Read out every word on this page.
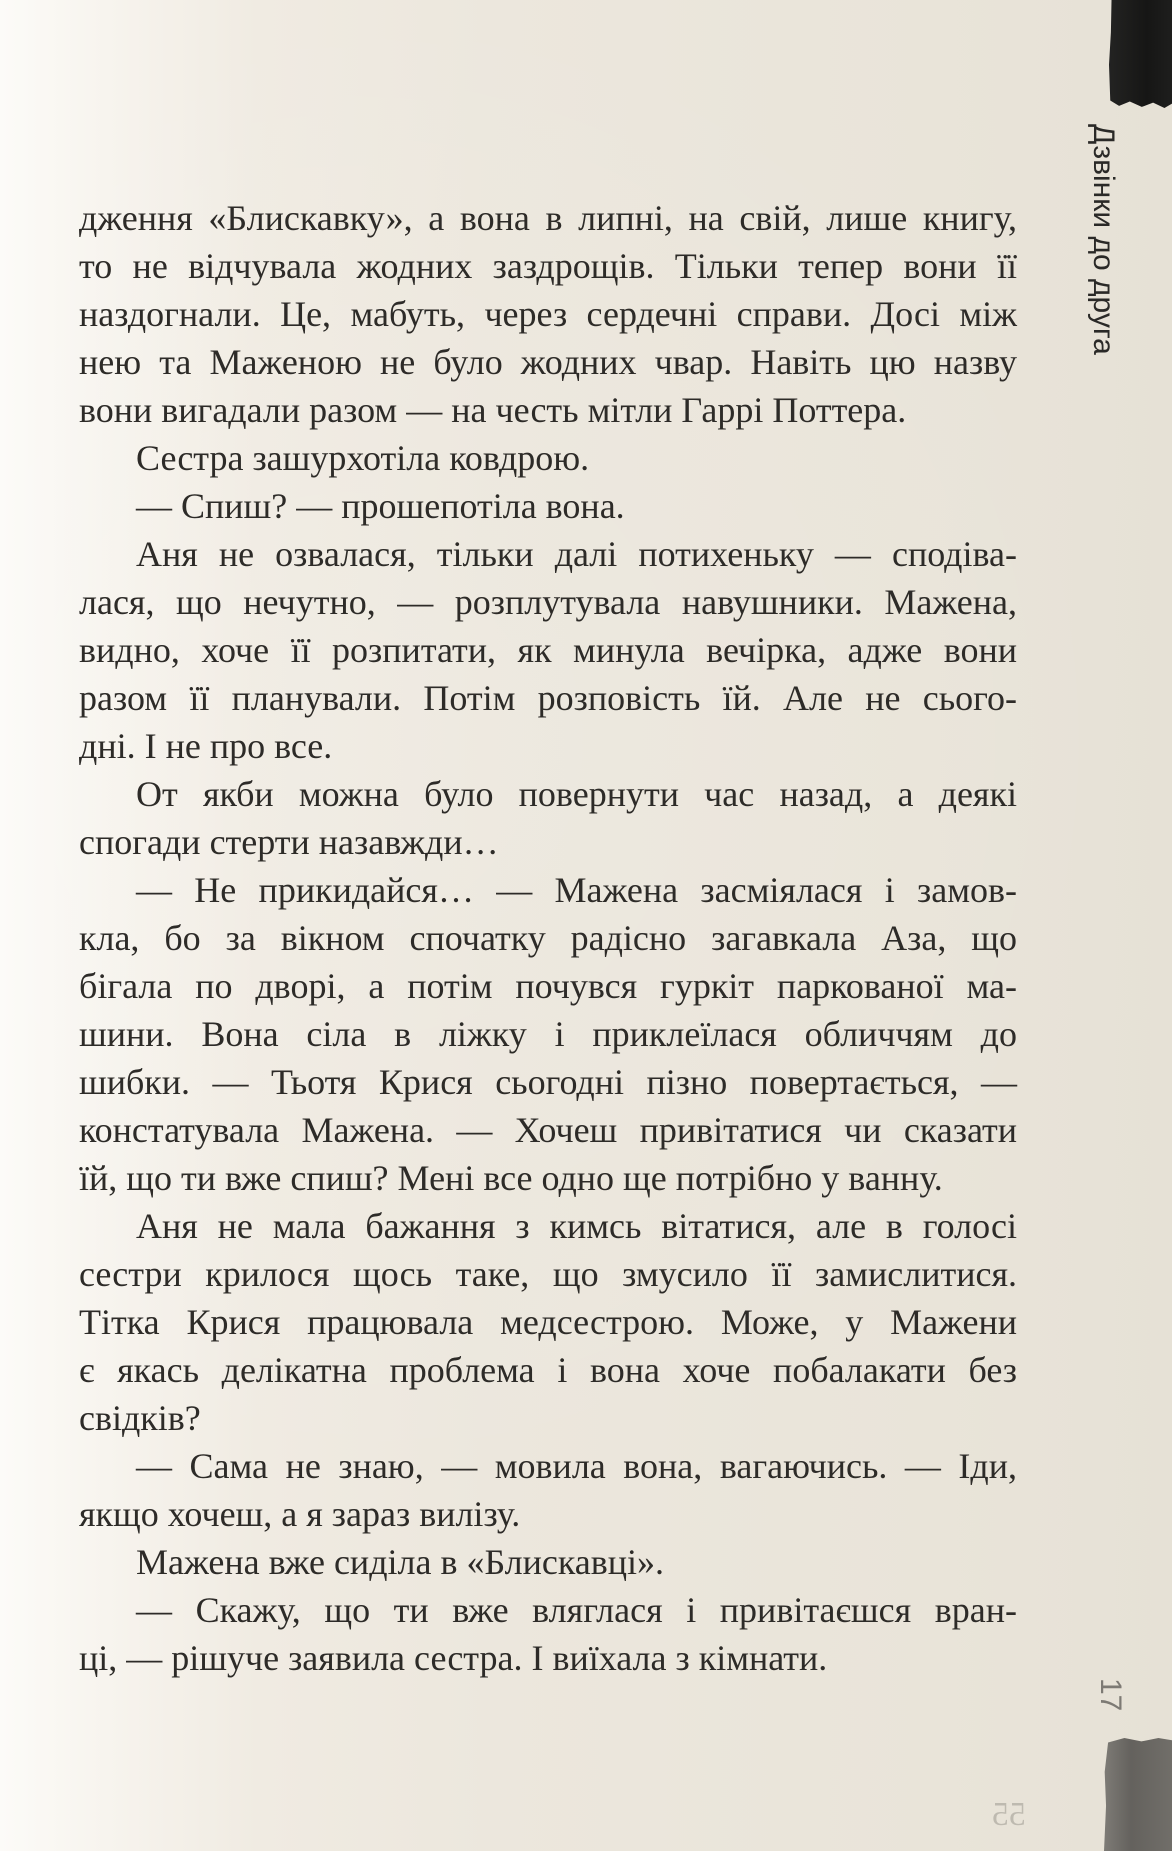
Дзвінки до друга
дження «Блискавку», а вона в липні, на свій, лише книгу,
то не відчувала жодних заздрощів. Тільки тепер вони її
наздогнали. Це, мабуть, через сердечні справи. Досі між
нею та Маженою не було жодних чвар. Навіть цю назву
вони вигадали разом — на честь мітли Гаррі Поттера.
Сестра зашурхотіла ковдрою.
— Спиш? — прошепотіла вона.
Аня не озвалася, тільки далі потихеньку — сподіва-
лася, що нечутно, — розплутувала навушники. Мажена,
видно, хоче її розпитати, як минула вечірка, адже вони
разом її планували. Потім розповість їй. Але не сього-
дні. І не про все.
От якби можна було повернути час назад, а деякі
спогади стерти назавжди…
— Не прикидайся… — Мажена засміялася і замов-
кла, бо за вікном спочатку радісно загавкала Аза, що
бігала по дворі, а потім почувся гуркіт паркованої ма-
шини. Вона сіла в ліжку і приклеїлася обличчям до
шибки. — Тьотя Крися сьогодні пізно повертається, —
констатувала Мажена. — Хочеш привітатися чи сказати
їй, що ти вже спиш? Мені все одно ще потрібно у ванну.
Аня не мала бажання з кимсь вітатися, але в голосі
сестри крилося щось таке, що змусило її замислитися.
Тітка Крися працювала медсестрою. Може, у Мажени
є якась делікатна проблема і вона хоче побалакати без
свідків?
— Сама не знаю, — мовила вона, вагаючись. — Іди,
якщо хочеш, а я зараз вилізу.
Мажена вже сиділа в «Блискавці».
— Скажу, що ти вже вляглася і привітаєшся вран-
ці, — рішуче заявила сестра. І виїхала з кімнати.
17
55
